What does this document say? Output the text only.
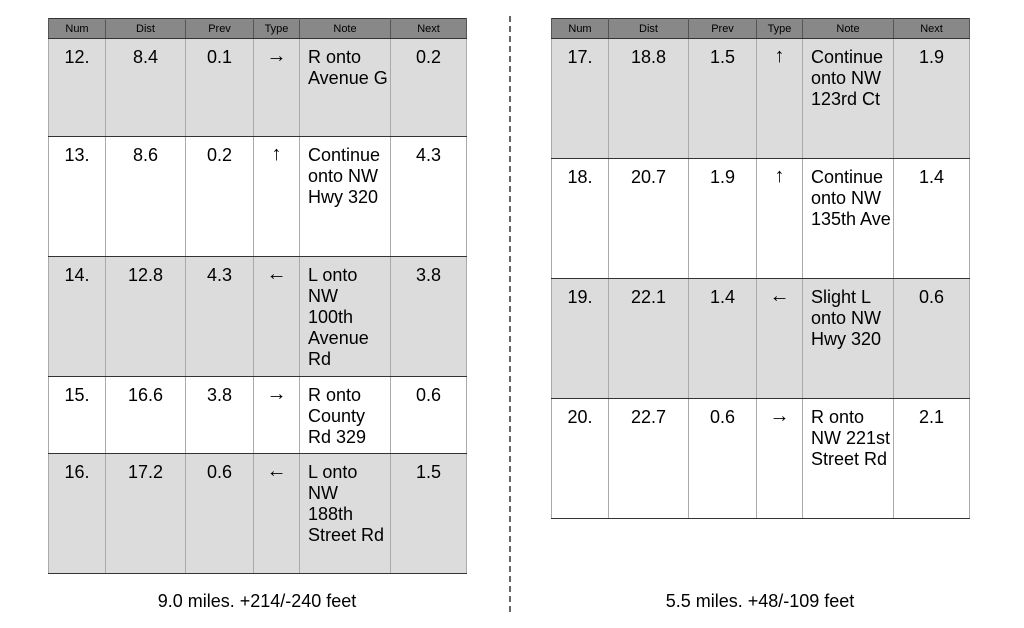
Num	Dist	Prev	Type	Note	Next
12.	8.4	0.1	→	R onto Avenue G	0.2
13.	8.6	0.2	↑	Continue onto NW Hwy 320	4.3
14.	12.8	4.3	←	L onto NW 100th Avenue Rd	3.8
15.	16.6	3.8	→	R onto County Rd 329	0.6
16.	17.2	0.6	←	L onto NW 188th Street Rd	1.5
Num	Dist	Prev	Type	Note	Next
17.	18.8	1.5	↑	Continue onto NW 123rd Ct	1.9
18.	20.7	1.9	↑	Continue onto NW 135th Ave	1.4
19.	22.1	1.4	←	Slight L onto NW Hwy 320	0.6
20.	22.7	0.6	→	R onto NW 221st Street Rd	2.1
9.0 miles. +214/-240 feet	5.5 miles. +48/-109 feet
